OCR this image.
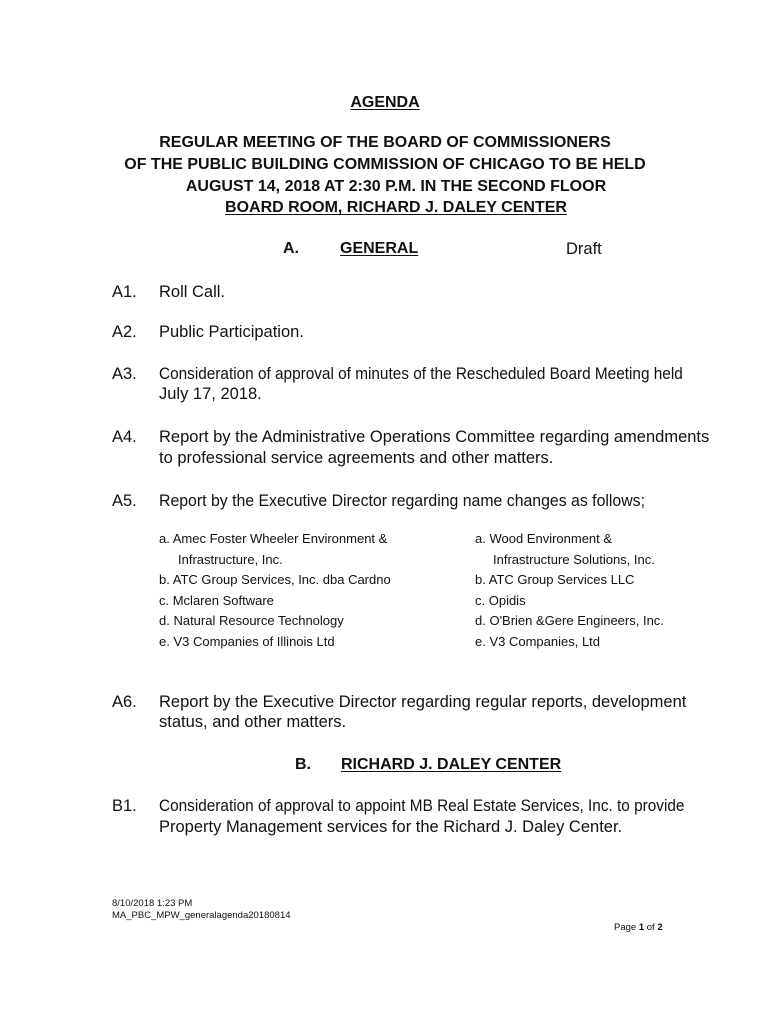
AGENDA
REGULAR MEETING OF THE BOARD OF COMMISSIONERS
OF THE PUBLIC BUILDING COMMISSION OF CHICAGO TO BE HELD
AUGUST 14, 2018 AT 2:30 P.M. IN THE SECOND FLOOR
BOARD ROOM, RICHARD J. DALEY CENTER
A.	GENERAL	Draft
A1. Roll Call.
A2. Public Participation.
A3. Consideration of approval of minutes of the Rescheduled Board Meeting held
July 17, 2018.
A4. Report by the Administrative Operations Committee regarding amendments
to professional service agreements and other matters.
A5. Report by the Executive Director regarding name changes as follows;
a. Amec Foster Wheeler Environment &
Infrastructure, Inc.
b. ATC Group Services, Inc. dba Cardno
c. Mclaren Software
d. Natural Resource Technology
e. V3 Companies of Illinois Ltd
a. Wood Environment &
Infrastructure Solutions, Inc.
b. ATC Group Services LLC
c. Opidis
d. O'Brien &Gere Engineers, Inc.
e. V3 Companies, Ltd
A6. Report by the Executive Director regarding regular reports, development
status, and other matters.
B. RICHARD J. DALEY CENTER
B1. Consideration of approval to appoint MB Real Estate Services, Inc. to provide
Property Management services for the Richard J. Daley Center.
8/10/2018 1:23 PM
MA_PBC_MPW_generalagenda20180814
Page 1 of 2
